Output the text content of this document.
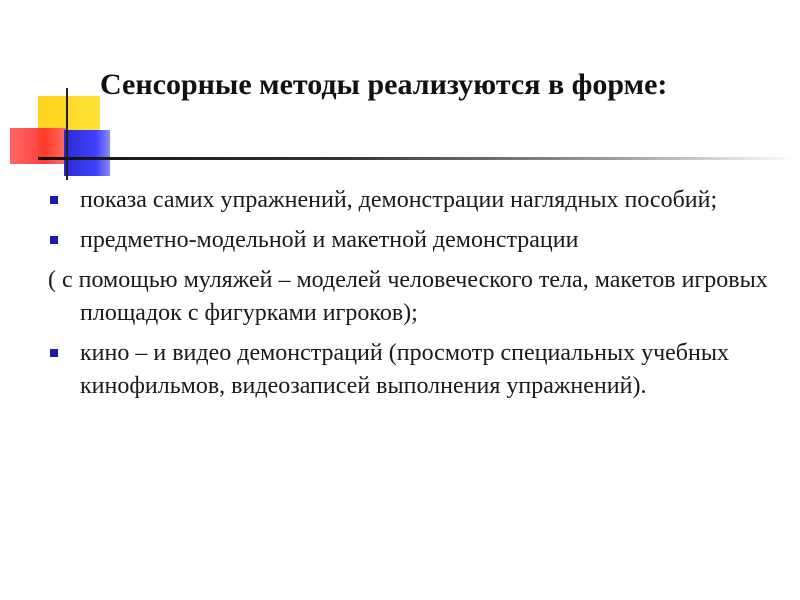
Сенсорные методы реализуются в форме:
показа самих упражнений, демонстрации наглядных пособий;
предметно-модельной и макетной демонстрации
( с помощью муляжей – моделей человеческого тела, макетов игровых площадок с фигурками игроков);
кино – и видео демонстраций (просмотр специальных учебных кинофильмов, видеозаписей выполнения упражнений).
